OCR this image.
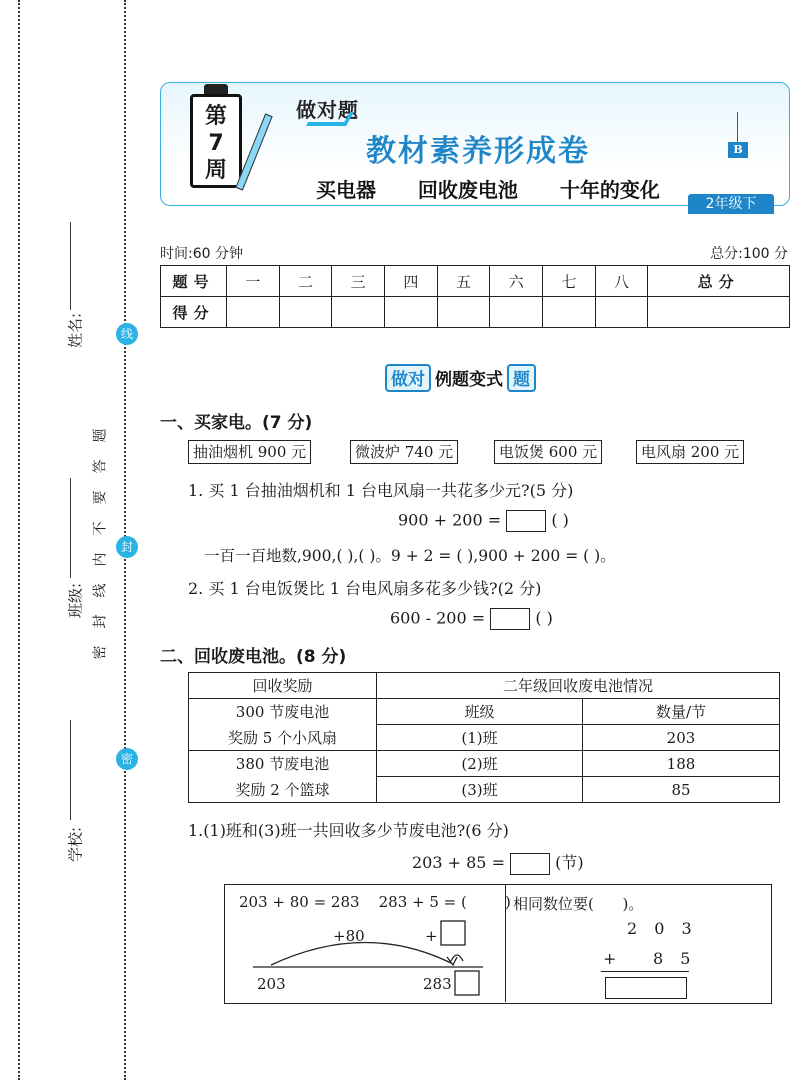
姓名:
班级:
学校:
题
答
要
不
内
线
封
密
线
封
密
第
7
周
做对题
教材素养形成卷
买电器  回收废电池  十年的变化
B
2年级下
时间:60 分钟	总分:100 分
题号	一	二	三	四	五	六	七	八	总分
得分									
做对 例题变式 题
一、买家电。(7 分)
抽油烟机 900 元	微波炉 740 元	电饭煲 600 元	电风扇 200 元
1. 买 1 台抽油烟机和 1 台电风扇一共花多少元?(5 分)
900 + 200 =	( )
一百一百地数,900,( ),( )。9 + 2 = ( ),900 + 200 = ( )。
2. 买 1 台电饭煲比 1 台电风扇多花多少钱?(2 分)
600 - 200 =	( )
二、回收废电池。(8 分)
回收奖励	二年级回收废电池情况	
300 节废电池	班级	数量/节
奖励 5 个小风扇	(1)班	203
380 节废电池	(2)班	188
奖励 2 个篮球	(3)班	85
1.(1)班和(3)班一共回收多少节废电池?(6 分)
203 + 85 =	(节)
203 + 80 = 283    283 + 5 = (        )
+80	+
203	283
相同数位要(      )。
2 0 3
+ 8 5
